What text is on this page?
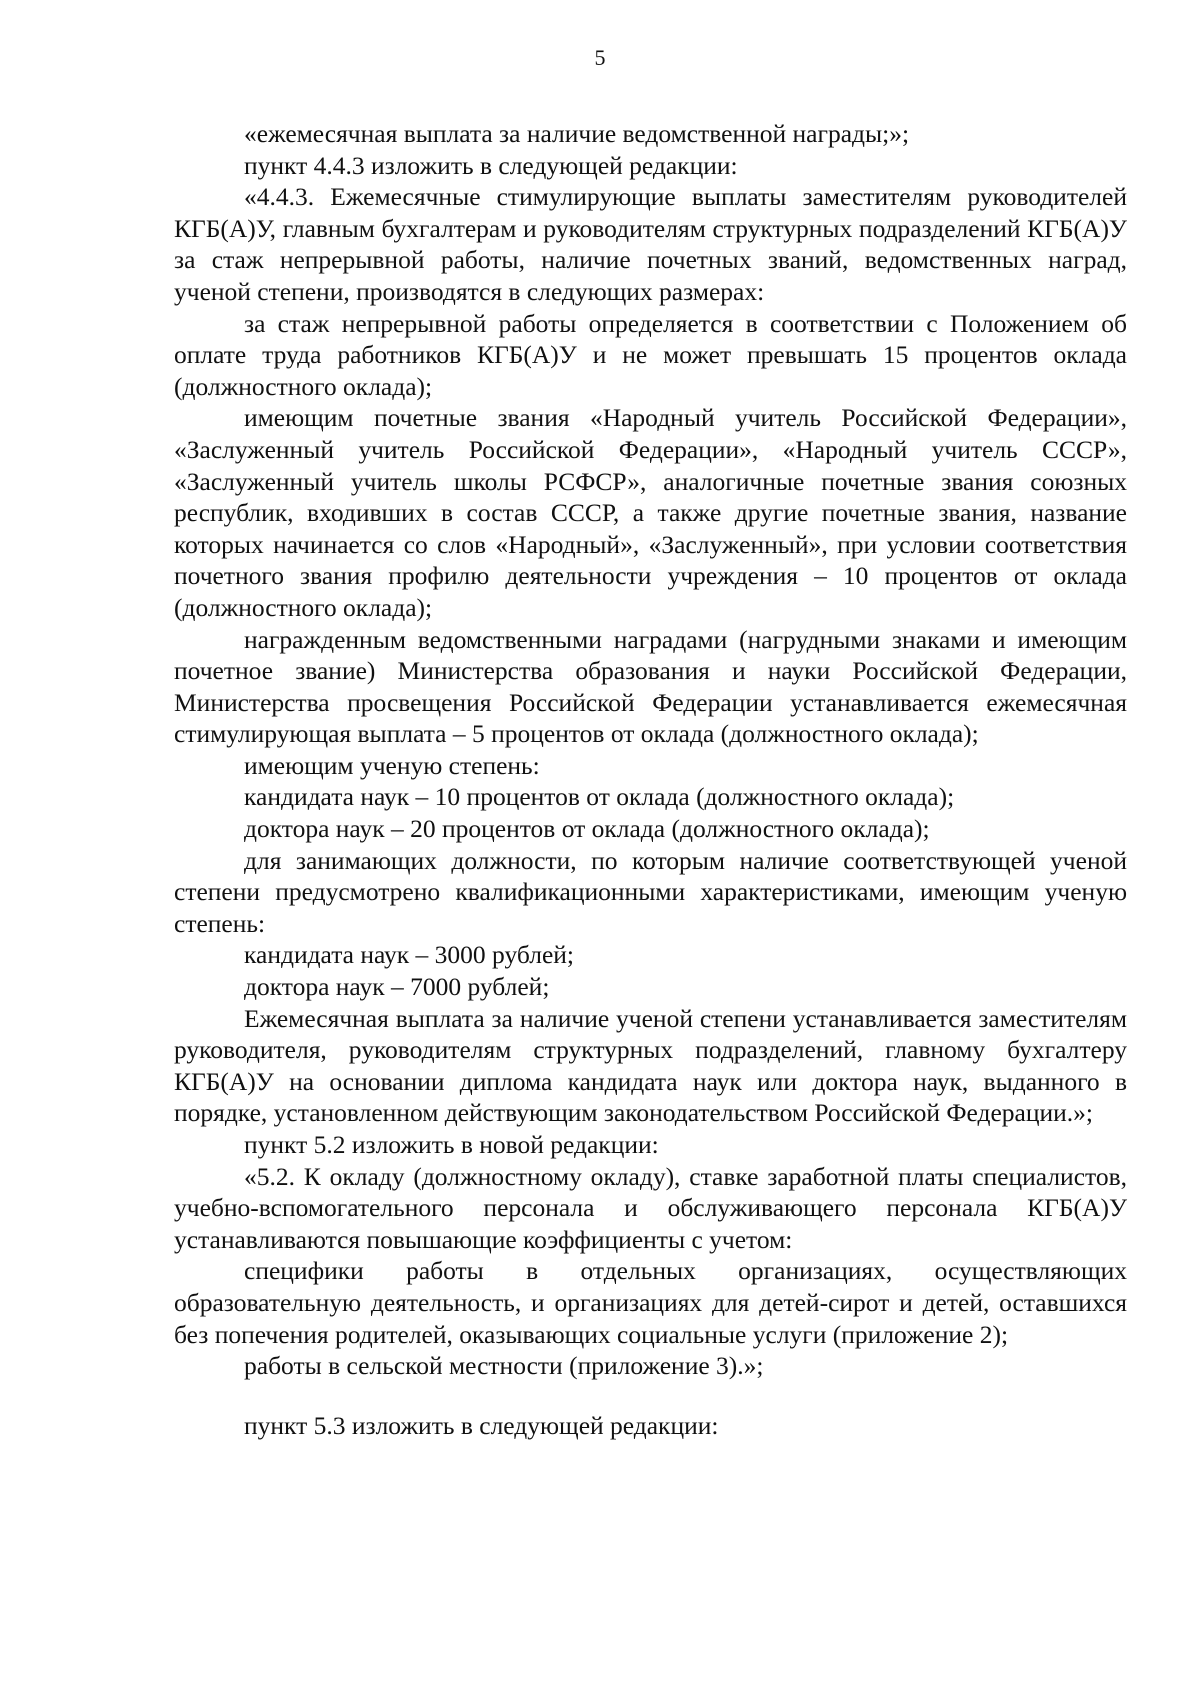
5

«ежемесячная выплата за наличие ведомственной награды;»;

пункт 4.4.3 изложить в следующей редакции:

«4.4.3. Ежемесячные стимулирующие выплаты заместителям руководителей КГБ(А)У, главным бухгалтерам и руководителям структурных подразделений КГБ(А)У за стаж непрерывной работы, наличие почетных званий, ведомственных наград, ученой степени, производятся в следующих размерах:

за стаж непрерывной работы определяется в соответствии с Положением об оплате труда работников КГБ(А)У и не может превышать 15 процентов оклада (должностного оклада);

имеющим почетные звания «Народный учитель Российской Федерации», «Заслуженный учитель Российской Федерации», «Народный учитель СССР», «Заслуженный учитель школы РСФСР», аналогичные почетные звания союзных республик, входивших в состав СССР, а также другие почетные звания, название которых начинается со слов «Народный», «Заслуженный», при условии соответствия почетного звания профилю деятельности учреждения – 10 процентов от оклада (должностного оклада);

награжденным ведомственными наградами (нагрудными знаками и имеющим почетное звание) Министерства образования и науки Российской Федерации, Министерства просвещения Российской Федерации устанавливается ежемесячная стимулирующая выплата – 5 процентов от оклада (должностного оклада);

имеющим ученую степень:

кандидата наук – 10 процентов от оклада (должностного оклада);

доктора наук – 20 процентов от оклада (должностного оклада);

для занимающих должности, по которым наличие соответствующей ученой степени предусмотрено квалификационными характеристиками, имеющим ученую степень:

кандидата наук – 3000 рублей;

доктора наук – 7000 рублей;

Ежемесячная выплата за наличие ученой степени устанавливается заместителям руководителя, руководителям структурных подразделений, главному бухгалтеру КГБ(А)У на основании диплома кандидата наук или доктора наук, выданного в порядке, установленном действующим законодательством Российской Федерации.»;

пункт 5.2 изложить в новой редакции:

«5.2. К окладу (должностному окладу), ставке заработной платы специалистов, учебно-вспомогательного персонала и обслуживающего персонала КГБ(А)У устанавливаются повышающие коэффициенты с учетом:

специфики работы в отдельных организациях, осуществляющих образовательную деятельность, и организациях для детей-сирот и детей, оставшихся без попечения родителей, оказывающих социальные услуги (приложение 2);

работы в сельской местности (приложение 3).»;

пункт 5.3 изложить в следующей редакции:
